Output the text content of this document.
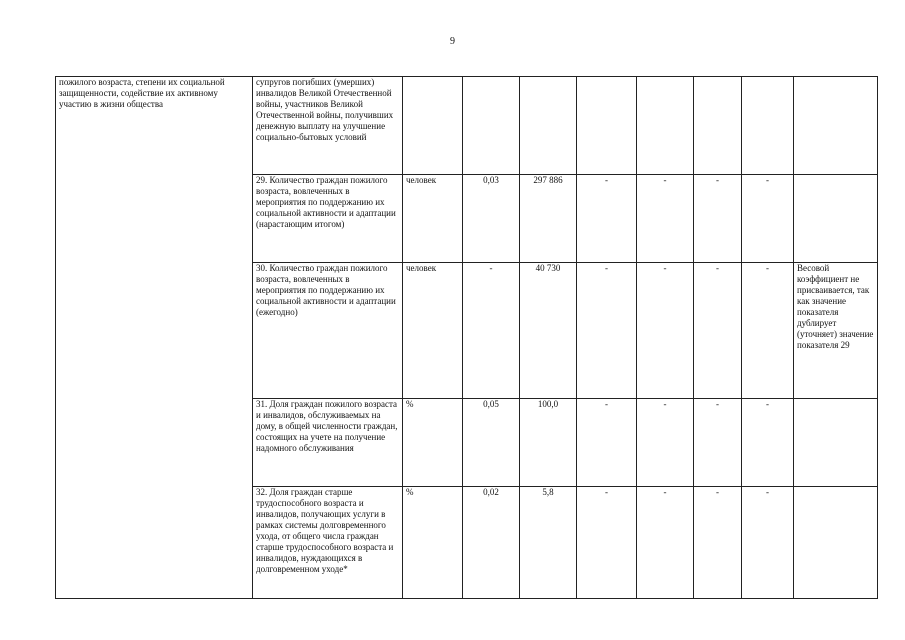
9
пожилого возраста, степени их социальной защищенности, содействие их активному участию в жизни общества	супругов погибших (умерших) инвалидов Великой Отечественной войны, участников Великой Отечественной войны, получивших денежную выплату на улучшение социально-бытовых условий								
	29. Количество граждан пожилого возраста, вовлеченных в мероприятия по поддержанию их социальной активности и адаптации (нарастающим итогом)	человек	0,03	297 886	-	-	-	-	
	30. Количество граждан пожилого возраста, вовлеченных в мероприятия по поддержанию их социальной активности и адаптации (ежегодно)	человек	-	40 730	-	-	-	-	Весовой коэффициент не присваивается, так как значение показателя дублирует (уточняет) значение показателя 29
	31. Доля граждан пожилого возраста и инвалидов, обслуживаемых на дому, в общей численности граждан, состоящих на учете на получение надомного обслуживания	%	0,05	100,0	-	-	-	-	
	32. Доля граждан старше трудоспособного возраста и инвалидов, получающих услуги в рамках системы долговременного ухода, от общего числа граждан старше трудоспособного возраста и инвалидов, нуждающихся в долговременном уходе*	%	0,02	5,8	-	-	-	-	
